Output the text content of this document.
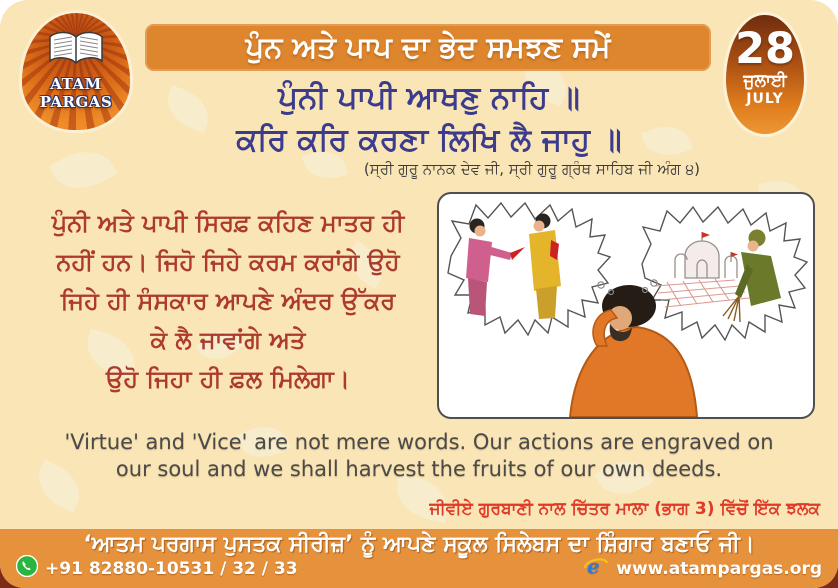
ATAM
PARGAS
ਪੁੰਨ ਅਤੇ ਪਾਪ ਦਾ ਭੇਦ ਸਮਝਣ ਸਮੇਂ	28
ਜੁਲਾਈ
JULY
ਪੁੰਨੀ ਪਾਪੀ ਆਖਣੁ ਨਾਹਿ ॥
ਕਰਿ ਕਰਿ ਕਰਣਾ ਲਿਖਿ ਲੈ ਜਾਹੁ ॥
(ਸ੍ਰੀ ਗੁਰੂ ਨਾਨਕ ਦੇਵ ਜੀ, ਸ੍ਰੀ ਗੁਰੂ ਗ੍ਰੰਥ ਸਾਹਿਬ ਜੀ ਅੰਗ ੪)
ਪੁੰਨੀ ਅਤੇ ਪਾਪੀ ਸਿਰਫ਼ ਕਹਿਣ ਮਾਤਰ ਹੀ
ਨਹੀਂ ਹਨ। ਜਿਹੋ ਜਿਹੇ ਕਰਮ ਕਰਾਂਗੇ ਉਹੋ
ਜਿਹੇ ਹੀ ਸੰਸਕਾਰ ਆਪਣੇ ਅੰਦਰ ਉੱਕਰ
ਕੇ ਲੈ ਜਾਵਾਂਗੇ ਅਤੇ
ਉਹੋ ਜਿਹਾ ਹੀ ਫ਼ਲ ਮਿਲੇਗਾ।
'Virtue' and 'Vice' are not mere words. Our actions are engraved on
our soul and we shall harvest the fruits of our own deeds.
ਜੀਵੀਏ ਗੁਰਬਾਣੀ ਨਾਲ ਚਿੱਤਰ ਮਾਲਾ (ਭਾਗ 3) ਵਿੱਚੋਂ ਇੱਕ ਝਲਕ
‘ਆਤਮ ਪਰਗਾਸ ਪੁਸਤਕ ਸੀਰੀਜ਼’ ਨੂੰ ਆਪਣੇ ਸਕੂਲ ਸਿਲੇਬਸ ਦਾ ਸ਼ਿੰਗਾਰ ਬਣਾਓ ਜੀ।
+91 82880-10531 / 32 / 33	e www.atampargas.org
